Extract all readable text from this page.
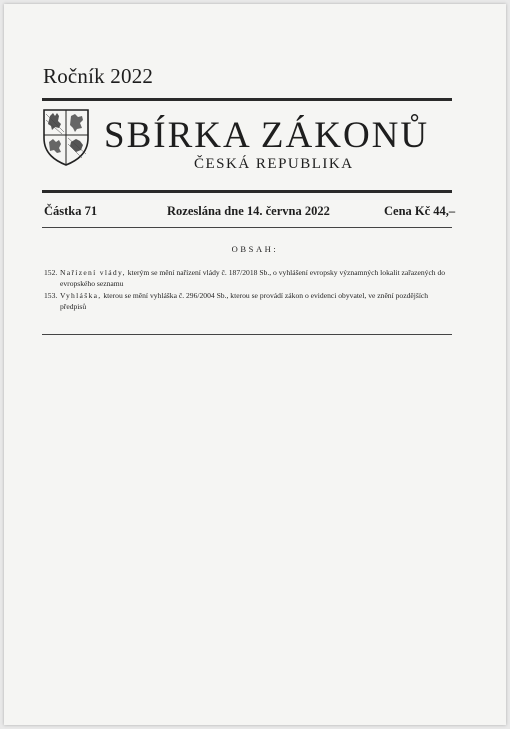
Ročník 2022
SBÍRKA ZÁKONŮ
ČESKÁ REPUBLIKA
Částka 71	Rozeslána dne 14. června 2022	Cena Kč 44,–
OBSAH:
152. Nařízení vlády, kterým se mění nařízení vlády č. 187/2018 Sb., o vyhlášení evropsky významných lokalit zařazených do evropského seznamu
153. Vyhláška, kterou se mění vyhláška č. 296/2004 Sb., kterou se provádí zákon o evidenci obyvatel, ve znění pozdějších předpisů
